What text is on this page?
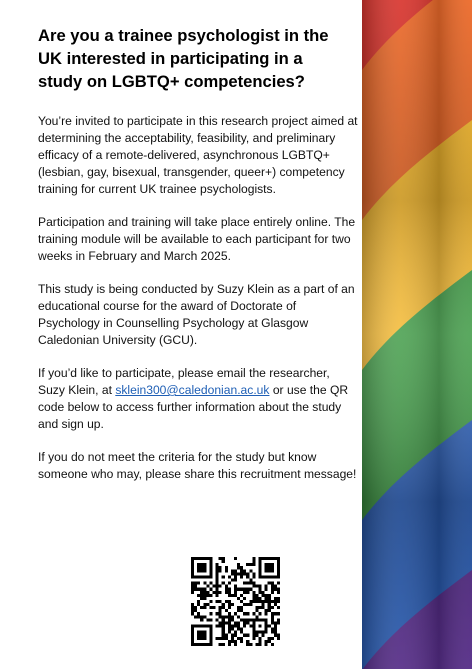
Are you a trainee psychologist in the UK interested in participating in a study on LGBTQ+ competencies?

You’re invited to participate in this research project aimed at determining the acceptability, feasibility, and preliminary efficacy of a remote-delivered, asynchronous LGBTQ+ (lesbian, gay, bisexual, transgender, queer+) competency training for current UK trainee psychologists.

Participation and training will take place entirely online. The training module will be available to each participant for two weeks in February and March 2025.

This study is being conducted by Suzy Klein as a part of an educational course for the award of Doctorate of Psychology in Counselling Psychology at Glasgow Caledonian University (GCU).

If you’d like to participate, please email the researcher, Suzy Klein, at sklein300@caledonian.ac.uk or use the QR code below to access further information about the study and sign up.

If you do not meet the criteria for the study but know someone who may, please share this recruitment message!
